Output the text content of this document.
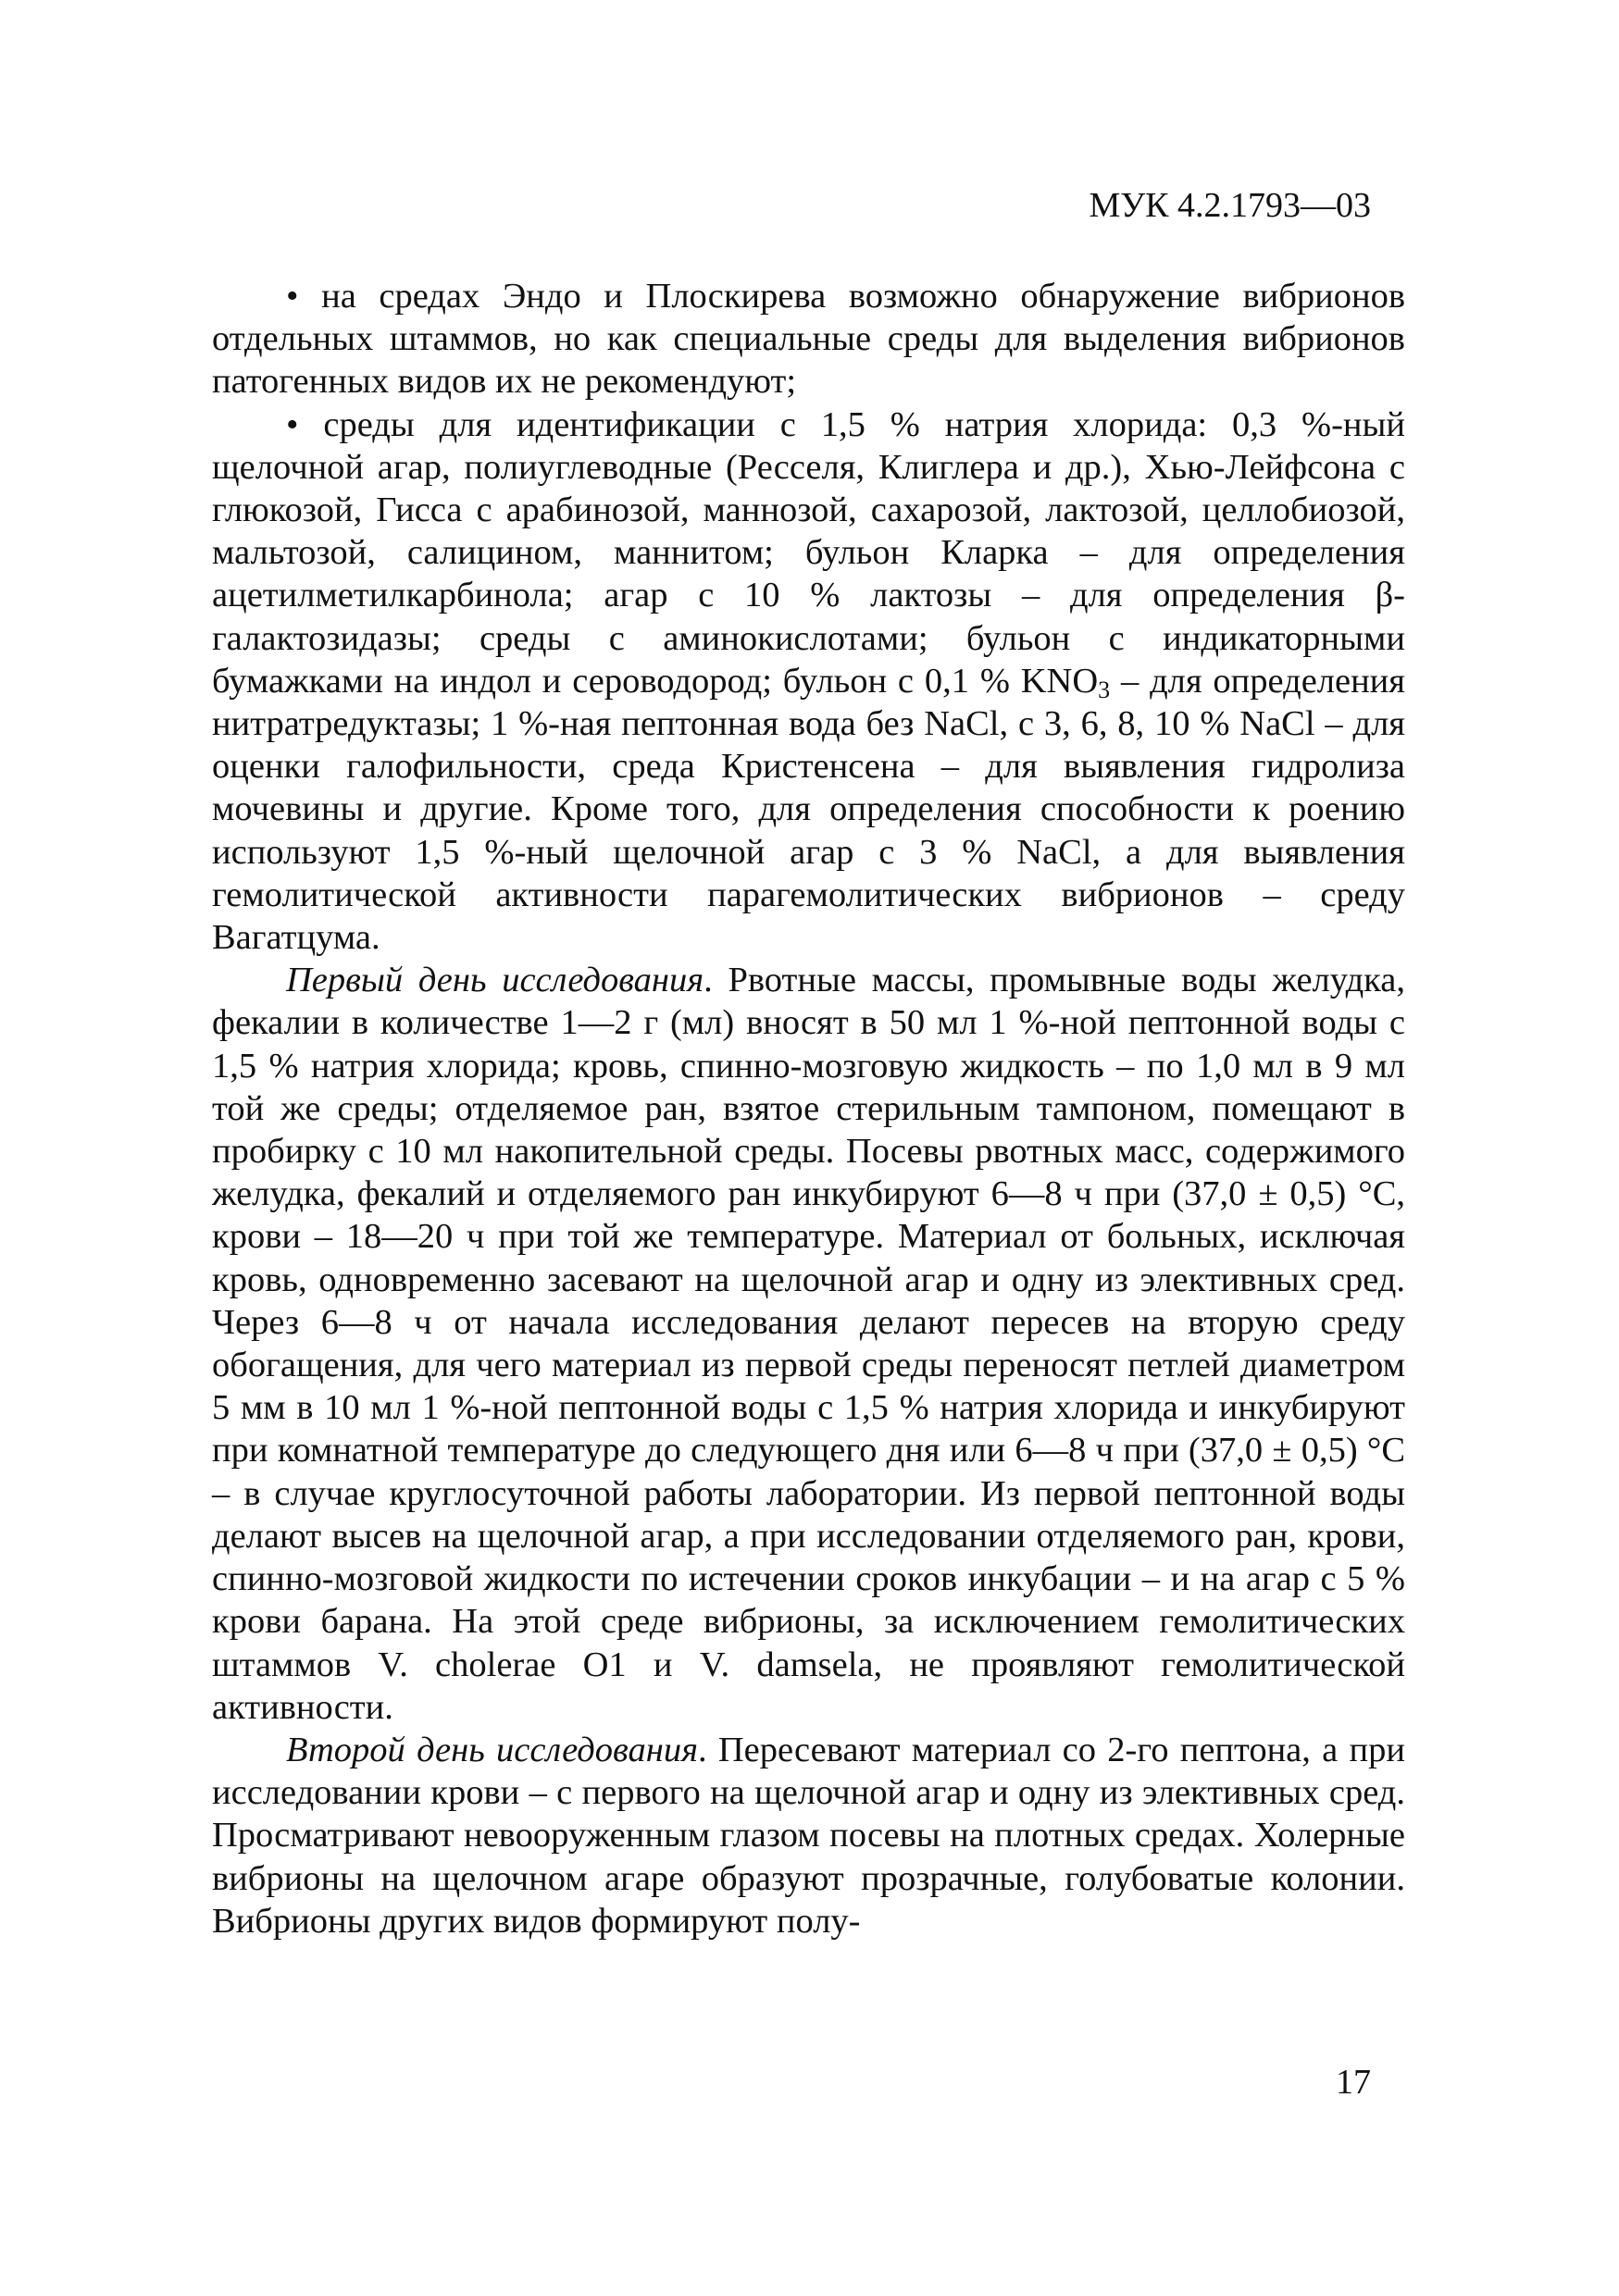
МУК 4.2.1793—03

• на средах Эндо и Плоскирева возможно обнаружение вибрионов отдельных штаммов, но как специальные среды для выделения вибрионов патогенных видов их не рекомендуют;

• среды для идентификации с 1,5 % натрия хлорида: 0,3 %-ный щелочной агар, полиуглеводные (Ресселя, Клиглера и др.), Хью-Лейфсона с глюкозой, Гисса с арабинозой, маннозой, сахарозой, лактозой, целлобиозой, мальтозой, салицином, маннитом; бульон Кларка – для определения ацетилметилкарбинола; агар с 10 % лактозы – для определения β-галактозидазы; среды с аминокислотами; бульон с индикаторными бумажками на индол и сероводород; бульон с 0,1 % $KNO_3$ – для определения нитратредуктазы; 1 %-ная пептонная вода без NaCl, с 3, 6, 8, 10 % NaCl – для оценки галофильности, среда Кристенсена – для выявления гидролиза мочевины и другие. Кроме того, для определения способности к роению используют 1,5 %-ный щелочной агар с 3 % NaCl, а для выявления гемолитической активности парагемолитических вибрионов – среду Вагатцума.

Первый день исследования. Рвотные массы, промывные воды желудка, фекалии в количестве 1—2 г (мл) вносят в 50 мл 1 %-ной пептонной воды с 1,5 % натрия хлорида; кровь, спинно-мозговую жидкость – по 1,0 мл в 9 мл той же среды; отделяемое ран, взятое стерильным тампоном, помещают в пробирку с 10 мл накопительной среды. Посевы рвотных масс, содержимого желудка, фекалий и отделяемого ран инкубируют 6—8 ч при (37,0 ± 0,5) °С, крови – 18—20 ч при той же температуре. Материал от больных, исключая кровь, одновременно засевают на щелочной агар и одну из элективных сред. Через 6—8 ч от начала исследования делают пересев на вторую среду обогащения, для чего материал из первой среды переносят петлей диаметром 5 мм в 10 мл 1 %-ной пептонной воды с 1,5 % натрия хлорида и инкубируют при комнатной температуре до следующего дня или 6—8 ч при (37,0 ± 0,5) °С – в случае круглосуточной работы лаборатории. Из первой пептонной воды делают высев на щелочной агар, а при исследовании отделяемого ран, крови, спинно-мозговой жидкости по истечении сроков инкубации – и на агар с 5 % крови барана. На этой среде вибрионы, за исключением гемолитических штаммов V. cholerae O1 и V. damsela, не проявляют гемолитической активности.

Второй день исследования. Пересевают материал со 2-го пептона, а при исследовании крови – с первого на щелочной агар и одну из элективных сред. Просматривают невооруженным глазом посевы на плотных средах. Холерные вибрионы на щелочном агаре образуют прозрачные, голубоватые колонии. Вибрионы других видов формируют полу-

17
